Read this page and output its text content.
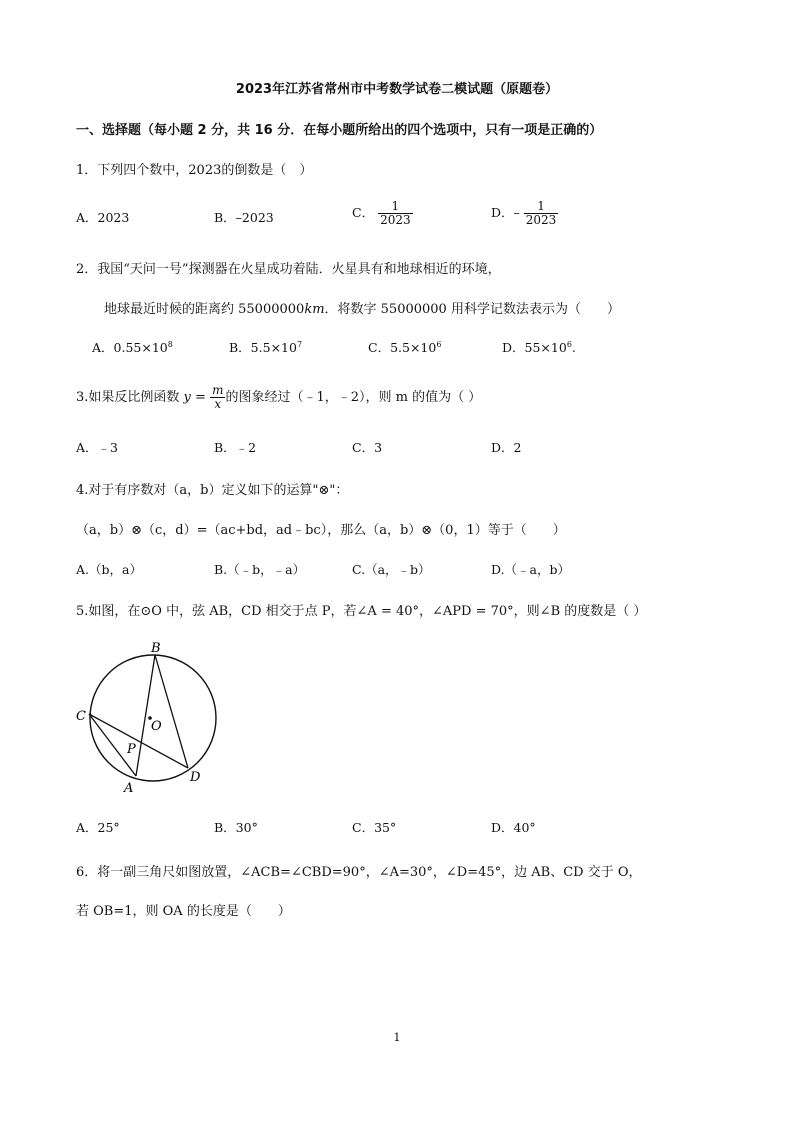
2023年江苏省常州市中考数学试卷二模试题（原题卷）
一、选择题（每小题 2 分，共 16 分．在每小题所给出的四个选项中，只有一项是正确的）
1．下列四个数中，2023的倒数是（　）
A．2023	B．–2023	C． $\frac{1}{2023}$	D．– $\frac{1}{2023}$
2．我国“天问一号”探测器在火星成功着陆．火星具有和地球相近的环境，
地球最近时候的距离约 55000000km．将数字 55000000 用科学记数法表示为（　　）
A．$0.55\times 10^8$	B．$5.5\times 10^7$	C．$5.5\times 10^6$	D．$55\times 10^6$.
3.如果反比例函数 $y = \frac{m}{x}$ 的图象经过（﹣1，﹣2），则 m 的值为（ ）
A．﹣3	B．﹣2	C．3	D．2
4.对于有序数对（a，b）定义如下的运算"⊗"：
（a，b）⊗（c，d）=（ac+bd，ad﹣bc），那么（a，b）⊗（0，1）等于（　　）
A.（b，a）	B.（﹣b，﹣a）	C.（a，﹣b）	D.（﹣a，b）
5.如图，在⊙O 中，弦 AB，CD 相交于点 P，若∠A = 40°，∠APD = 70°，则∠B 的度数是（ ）
B
C
O
P
A
D
A．25°	B．30°	C．35°	D．40°
6．将一副三角尺如图放置，∠ACB=∠CBD=90°，∠A=30°，∠D=45°，边 AB、CD 交于 O，
若 OB=1，则 OA 的长度是（　　）
1
